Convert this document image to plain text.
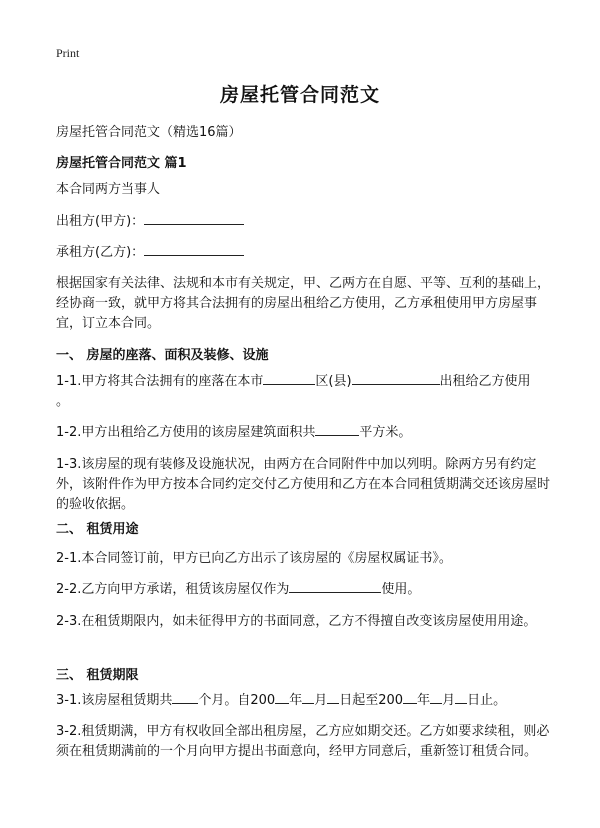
Print
房屋托管合同范文
房屋托管合同范文（精选16篇）
房屋托管合同范文 篇1
本合同两方当事人
出租方(甲方)：
承租方(乙方)：
根据国家有关法律、法规和本市有关规定，甲、乙两方在自愿、平等、互利的基础上，经协商一致，就甲方将其合法拥有的房屋出租给乙方使用，乙方承租使用甲方房屋事宜，订立本合同。
一、 房屋的座落、面积及装修、设施
1-1.甲方将其合法拥有的座落在本市	区(县)	出租给乙方使用
。
1-2.甲方出租给乙方使用的该房屋建筑面积共	平方米。
1-3.该房屋的现有装修及设施状况，由两方在合同附件中加以列明。除两方另有约定外，该附件作为甲方按本合同约定交付乙方使用和乙方在本合同租赁期满交还该房屋时的验收依据。
二、 租赁用途
2-1.本合同签订前，甲方已向乙方出示了该房屋的《房屋权属证书》。
2-2.乙方向甲方承诺，租赁该房屋仅作为	使用。
2-3.在租赁期限内，如未征得甲方的书面同意，乙方不得擅自改变该房屋使用用途。
三、 租赁期限
3-1.该房屋租赁期共 个月。自200 年 月 日起至200 年 月 日止。
3-2.租赁期满，甲方有权收回全部出租房屋，乙方应如期交还。乙方如要求续租，则必须在租赁期满前的一个月向甲方提出书面意向，经甲方同意后，重新签订租赁合同。
